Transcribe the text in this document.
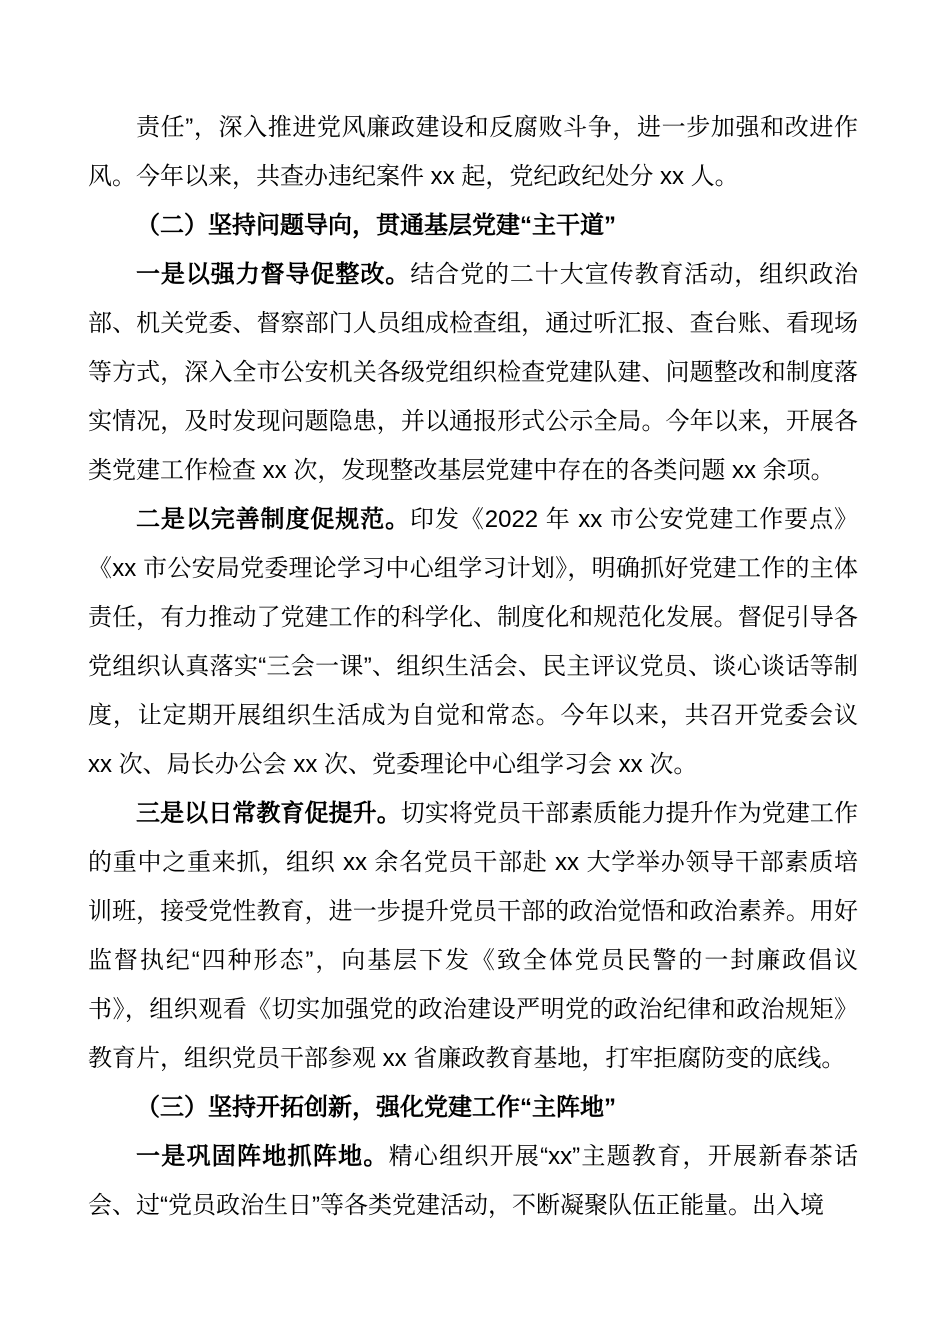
责任”，深入推进党风廉政建设和反腐败斗争，进一步加强和改进作风。今年以来，共查办违纪案件 xx 起，党纪政纪处分 xx 人。

（二）坚持问题导向，贯通基层党建“主干道”

一是以强力督导促整改。结合党的二十大宣传教育活动，组织政治部、机关党委、督察部门人员组成检查组，通过听汇报、查台账、看现场等方式，深入全市公安机关各级党组织检查党建队建、问题整改和制度落实情况，及时发现问题隐患，并以通报形式公示全局。今年以来，开展各类党建工作检查 xx 次，发现整改基层党建中存在的各类问题 xx 余项。

二是以完善制度促规范。印发《2022 年 xx 市公安党建工作要点》《xx 市公安局党委理论学习中心组学习计划》，明确抓好党建工作的主体责任，有力推动了党建工作的科学化、制度化和规范化发展。督促引导各党组织认真落实“三会一课”、组织生活会、民主评议党员、谈心谈话等制度，让定期开展组织生活成为自觉和常态。今年以来，共召开党委会议 xx 次、局长办公会 xx 次、党委理论中心组学习会 xx 次。

三是以日常教育促提升。切实将党员干部素质能力提升作为党建工作的重中之重来抓，组织 xx 余名党员干部赴 xx 大学举办领导干部素质培训班，接受党性教育，进一步提升党员干部的政治觉悟和政治素养。用好监督执纪“四种形态”，向基层下发《致全体党员民警的一封廉政倡议书》，组织观看《切实加强党的政治建设严明党的政治纪律和政治规矩》教育片，组织党员干部参观 xx 省廉政教育基地，打牢拒腐防变的底线。

（三）坚持开拓创新，强化党建工作“主阵地”

一是巩固阵地抓阵地。精心组织开展“xx”主题教育，开展新春茶话会、过“党员政治生日”等各类党建活动，不断凝聚队伍正能量。出入境
